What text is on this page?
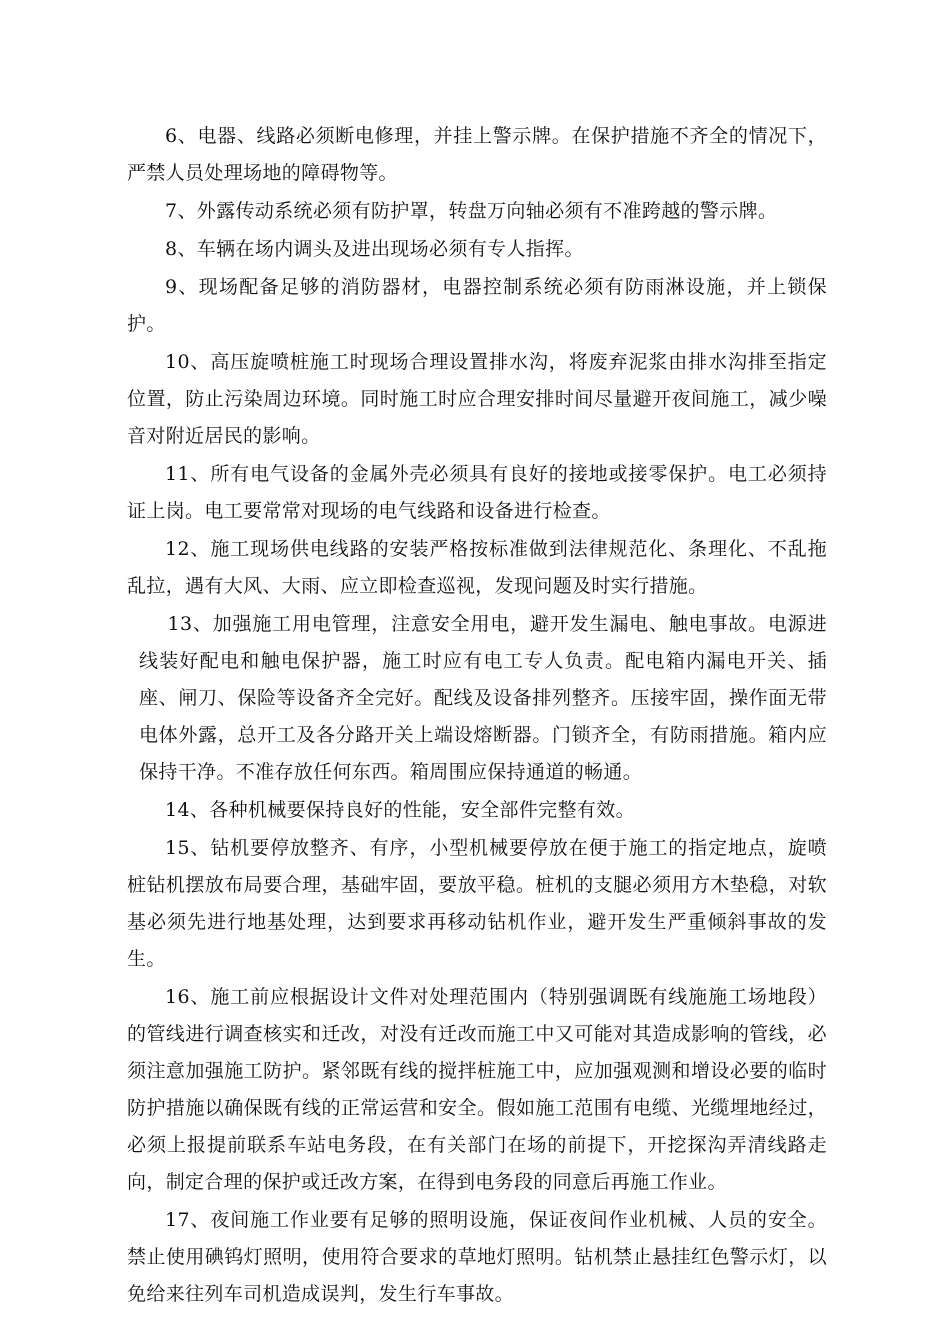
6、电器、线路必须断电修理，并挂上警示牌。在保护措施不齐全的情况下，严禁人员处理场地的障碍物等。

7、外露传动系统必须有防护罩，转盘万向轴必须有不准跨越的警示牌。

8、车辆在场内调头及进出现场必须有专人指挥。

9、现场配备足够的消防器材，电器控制系统必须有防雨淋设施，并上锁保护。

10、高压旋喷桩施工时现场合理设置排水沟，将废弃泥浆由排水沟排至指定位置，防止污染周边环境。同时施工时应合理安排时间尽量避开夜间施工，减少噪音对附近居民的影响。

11、所有电气设备的金属外壳必须具有良好的接地或接零保护。电工必须持证上岗。电工要常常对现场的电气线路和设备进行检查。

12、施工现场供电线路的安装严格按标准做到法律规范化、条理化、不乱拖乱拉，遇有大风、大雨、应立即检查巡视，发现问题及时实行措施。

13、加强施工用电管理，注意安全用电，避开发生漏电、触电事故。电源进线装好配电和触电保护器，施工时应有电工专人负责。配电箱内漏电开关、插座、闸刀、保险等设备齐全完好。配线及设备排列整齐。压接牢固，操作面无带电体外露，总开工及各分路开关上端设熔断器。门锁齐全，有防雨措施。箱内应保持干净。不准存放任何东西。箱周围应保持通道的畅通。

14、各种机械要保持良好的性能，安全部件完整有效。

15、钻机要停放整齐、有序，小型机械要停放在便于施工的指定地点，旋喷桩钻机摆放布局要合理，基础牢固，要放平稳。桩机的支腿必须用方木垫稳，对软基必须先进行地基处理，达到要求再移动钻机作业，避开发生严重倾斜事故的发生。

16、施工前应根据设计文件对处理范围内（特别强调既有线施施工场地段）的管线进行调查核实和迁改，对没有迁改而施工中又可能对其造成影响的管线，必须注意加强施工防护。紧邻既有线的搅拌桩施工中，应加强观测和增设必要的临时防护措施以确保既有线的正常运营和安全。假如施工范围有电缆、光缆埋地经过，必须上报提前联系车站电务段，在有关部门在场的前提下，开挖探沟弄清线路走向，制定合理的保护或迁改方案，在得到电务段的同意后再施工作业。

17、夜间施工作业要有足够的照明设施，保证夜间作业机械、人员的安全。禁止使用碘钨灯照明，使用符合要求的草地灯照明。钻机禁止悬挂红色警示灯，以免给来往列车司机造成误判，发生行车事故。
